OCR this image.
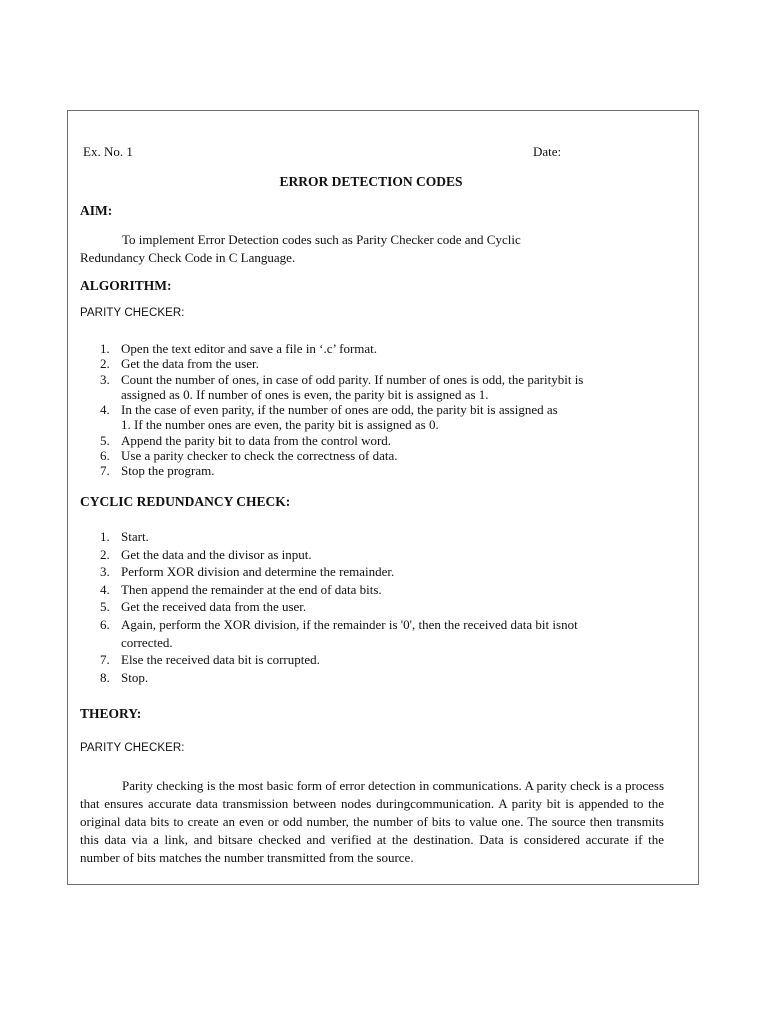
Ex. No. 1	Date:
ERROR DETECTION CODES
AIM:
To implement Error Detection codes such as Parity Checker code and Cyclic
Redundancy Check Code in C Language.
ALGORITHM:
PARITY CHECKER:
1. Open the text editor and save a file in ‘.c’ format.
2. Get the data from the user.
3. Count the number of ones, in case of odd parity. If number of ones is odd, the paritybit is
assigned as 0. If number of ones is even, the parity bit is assigned as 1.
4. In the case of even parity, if the number of ones are odd, the parity bit is assigned as
1. If the number ones are even, the parity bit is assigned as 0.
5. Append the parity bit to data from the control word.
6. Use a parity checker to check the correctness of data.
7. Stop the program.
CYCLIC REDUNDANCY CHECK:
1. Start.
2. Get the data and the divisor as input.
3. Perform XOR division and determine the remainder.
4. Then append the remainder at the end of data bits.
5. Get the received data from the user.
6. Again, perform the XOR division, if the remainder is '0', then the received data bit isnot
corrected.
7. Else the received data bit is corrupted.
8. Stop.
THEORY:
PARITY CHECKER:

Parity checking is the most basic form of error detection in communications. A parity check is a process that ensures accurate data transmission between nodes duringcommunication. A parity bit is appended to the original data bits to create an even or odd number, the number of bits to value one. The source then transmits this data via a link, and bitsare checked and verified at the destination. Data is considered accurate if the number of bits matches the number transmitted from the source.
